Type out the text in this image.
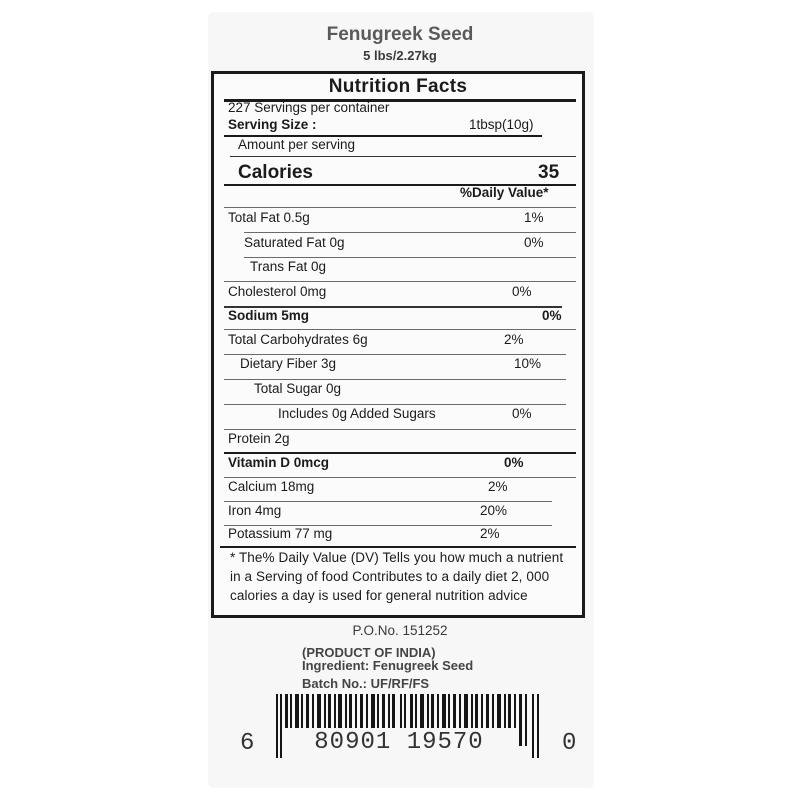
Fenugreek Seed
5 lbs/2.27kg
Nutrition Facts
227 Servings per container
Serving Size :	1tbsp(10g)
Amount per serving
Calories	35
%Daily Value*
Total Fat 0.5g	1%
Saturated Fat 0g	0%
Trans Fat 0g
Cholesterol 0mg	0%
Sodium 5mg	0%
Total Carbohydrates 6g	2%
Dietary Fiber 3g	10%
Total Sugar 0g
Includes 0g Added Sugars	0%
Protein 2g
Vitamin D 0mcg	0%
Calcium 18mg	2%
Iron 4mg	20%
Potassium 77 mg	2%
* The% Daily Value (DV) Tells you how much a nutrient in a Serving of food Contributes to a daily diet 2, 000 calories a day is used for general nutrition advice
P.O.No. 151252
(PRODUCT OF INDIA)
Ingredient: Fenugreek Seed
Batch No.: UF/RF/FS
6	80901 19570	0
